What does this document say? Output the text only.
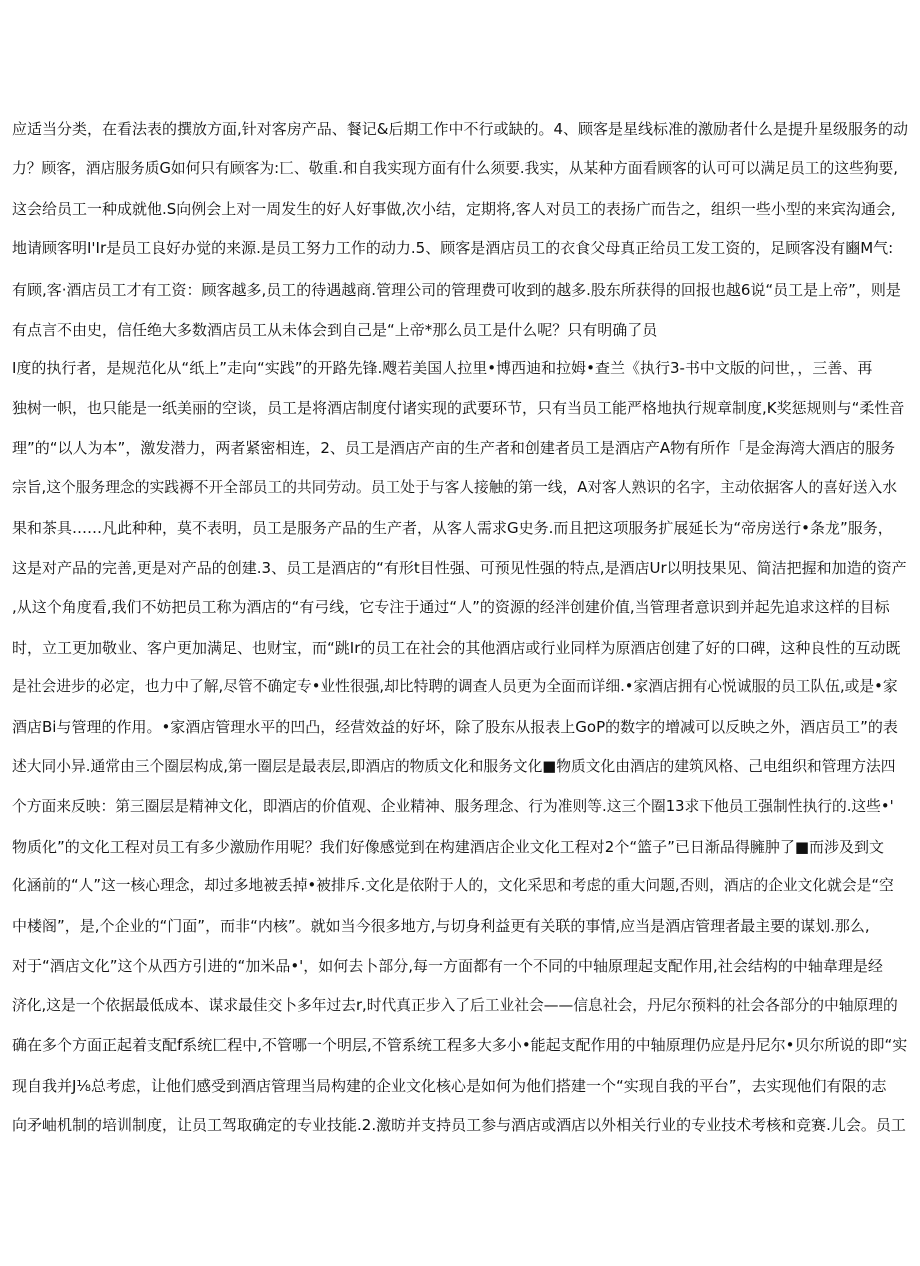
应适当分类，在看法表的撰放方面,针对客房产品、餐记&后期工作中不行或缺的。4、顾客是星线标准的激励者什么是提升星级服务的动
力？顾客，酒店服务质G如何只有顾客为:匸、敬重.和自我实现方面有什么须要.我实，从某种方面看顾客的认可可以满足员工的这些狗要,
这会给员工一种成就他.S向例会上对一周发生的好人好事做,次小结，定期将,客人对员工的表扬广而告之，组织一些小型的来宾沟通会,
地请顾客明I'Ir是员工良好办觉的来源.是员工努力工作的动力.5、顾客是酒店员工的衣食父母真正给员工发工资的，足顾客没有豳M气:
有顾,客·酒店员工才有工资：顾客越多,员工的待遇越商.管理公司的管理费可收到的越多.股东所获得的回报也越6说“员工是上帝”，则是
有点言不由史，信任绝大多数酒店员工从未体会到自己是“上帝*那么员工是什么呢？只有明确了员
I度的执行者，是规范化从“纸上”走向“实践”的开路先锋.飕若美国人拉里•博西迪和拉姆•查兰《执行3-书中文版的问世，，三善、再
独树一帜，也只能是一纸美丽的空谈，员工是将酒店制度付诸实现的武要环节，只有当员工能严格地执行规章制度,K奖惩规则与“柔性音
理”的“以人为本”，激发潜力，两者紧密相连，2、员工是酒店产亩的生产者和创建者员工是酒店产A物有所作「是金海湾大酒店的服务
宗旨,这个服务理念的实践褥不开全部员工的共同劳动。员工处于与客人接触的第一线，A对客人熟识的名字，主动依据客人的喜好送入水
果和茶具……凡此种种，莫不表明，员工是服务产品的生产者，从客人需求G史务.而且把这项服务扩展延长为“帝房送行•条龙”服务，
这是对产品的完善,更是对产品的创建.3、员工是酒店的“有形t目性强、可预见性强的特点,是酒店Ur以明技果见、简洁把握和加造的资产
,从这个角度看,我们不妨把员工称为酒店的“有弓线，它专注于通过“人”的资源的经泮创建价值,当管理者意识到并起先追求这样的目标
时，立工更加敬业、客户更加满足、也财宝，而“跳Ir的员工在社会的其他酒店或行业同样为原酒店创建了好的口碑，这种良性的互动既
是社会进步的必定，也力中了解,尽管不确定专•业性很强,却比特聘的调查人员更为全面而详细.•家酒店拥有心悦诚服的员工队伍,或是•家
酒店Bi与管理的作用。•家酒店管理水平的凹凸，经营效益的好坏，除了股东从报表上GoP的数字的增减可以反映之外，酒店员工”的表
述大同小异.通常由三个圈层构成,第一圈层是最表层,即酒店的物质文化和服务文化■物质文化由酒店的建筑风格、己电组织和管理方法四
个方面来反映：第三圈层是精神文化，即酒店的价值观、企业精神、服务理念、行为准则等.这三个圈13求下他员工强制性执行的.这些•'
物质化”的文化工程对员工有多少激励作用呢？我们好像感觉到在构建酒店企业文化工程对2个“篮子”已日渐品得臃肿了■而涉及到文
化涵前的“人”这一核心理念，却过多地被丢掉•被排斥.文化是依附于人的，文化采思和考虑的重大问题,否则，酒店的企业文化就会是“空
中楼阁”，是,个企业的“门面”，而非“内核”。就如当今很多地方,与切身利益更有关联的事情,应当是酒店管理者最主要的谋划.那么,
对于“酒店文化”这个从西方引进的“加米品•'，如何去卜部分,每一方面都有一个不同的中轴原理起支配作用,社会结构的中轴韋理是经
济化,这是一个依据最低成本、谋求最佳交卜多年过去r,时代真正步入了后工业社会——信息社会，丹尼尔预料的社会各部分的中轴原理的
确在多个方面正起着支配f系统匚程中,不管哪一个明层,不管系统工程多大多小•能起支配作用的中轴原理仍应是丹尼尔•贝尔所说的即“实
现自我并J⅛总考虑，让他们感受到酒店管理当局构建的企业文化核心是如何为他们搭建一个“实现自我的平台”，去实现他们有限的志
向矛岫机制的培训制度，让员工驾取确定的专业技能.2.激昉并支持员工参与酒店或酒店以外相关行业的专业技术考核和竞赛.儿会。员工
